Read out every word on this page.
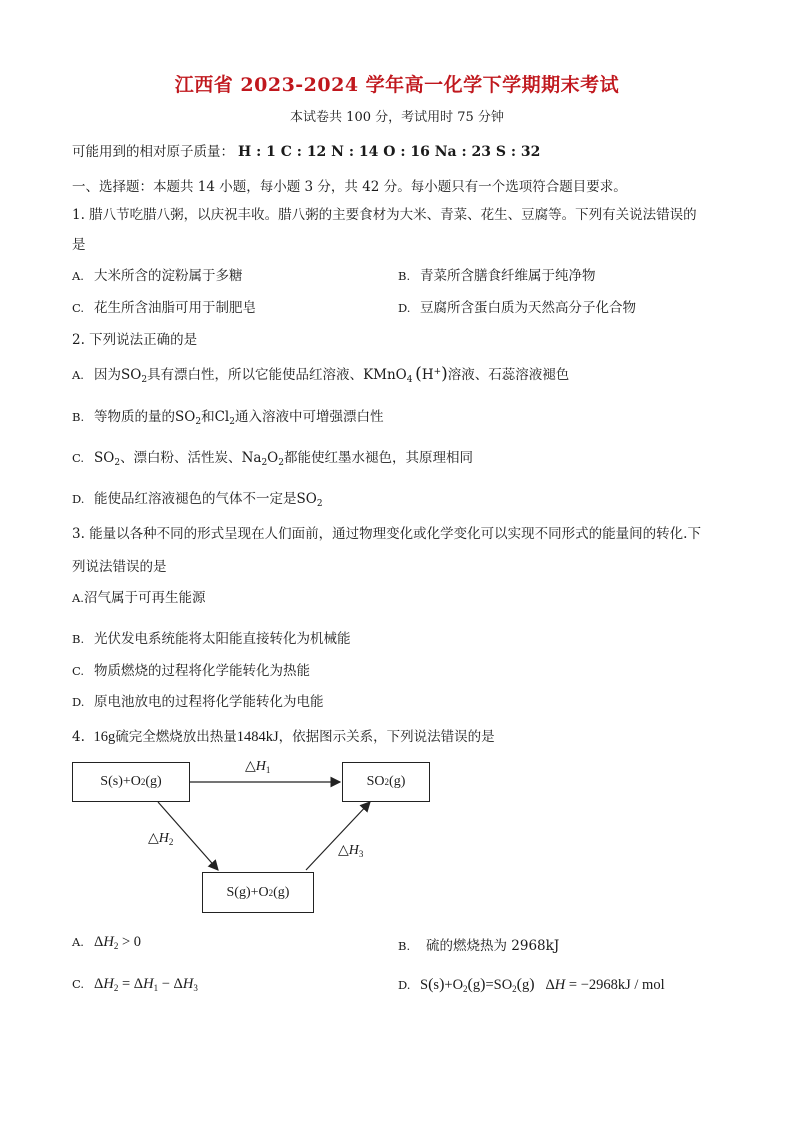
江西省 2023-2024 学年高一化学下学期期末考试
本试卷共 100 分，考试用时 75 分钟
可能用到的相对原子质量： H : 1 C : 12 N : 14 O : 16 Na : 23 S : 32
一、选择题：本题共 14 小题，每小题 3 分，共 42 分。每小题只有一个选项符合题目要求。
1. 腊八节吃腊八粥，以庆祝丰收。腊八粥的主要食材为大米、青菜、花生、豆腐等。下列有关说法错误的
是
A. 大米所含的淀粉属于多糖	B. 青菜所含膳食纤维属于纯净物
C. 花生所含油脂可用于制肥皂	D. 豆腐所含蛋白质为天然高分子化合物
2. 下列说法正确的是
A. 因为$SO_2$具有漂白性，所以它能使品红溶液、KMnO$_4$  (H+)溶液、石蕊溶液褪色
B. 等物质的量的$SO_2$和$Cl_2$通入溶液中可增强漂白性
C. $SO_2$、漂白粉、活性炭、$Na_2O_2$都能使红墨水褪色，其原理相同
D. 能使品红溶液褪色的气体不一定是$SO_2$
3. 能量以各种不同的形式呈现在人们面前，通过物理变化或化学变化可以实现不同形式的能量间的转化.下
列说法错误的是
A.沼气属于可再生能源
B. 光伏发电系统能将太阳能直接转化为机械能
C. 物质燃烧的过程将化学能转化为热能
D. 原电池放电的过程将化学能转化为电能
4. 16g硫完全燃烧放出热量1484kJ，依据图示关系，下列说法错误的是
S(s)+O 2 (g)	SO 2 (g)
S(g)+O 2 (g)
$\triangle H_1$
$\triangle H_2$
$\triangle H_3$
A. $\Delta H_2 > 0$	B. 硫的燃烧热为 2968kJ
C. $\Delta H_2 = \Delta H_1 - \Delta H_3$	D. $S(s)+O_2(g)=SO_2(g) \Delta H = -2968kJ$ / mol
